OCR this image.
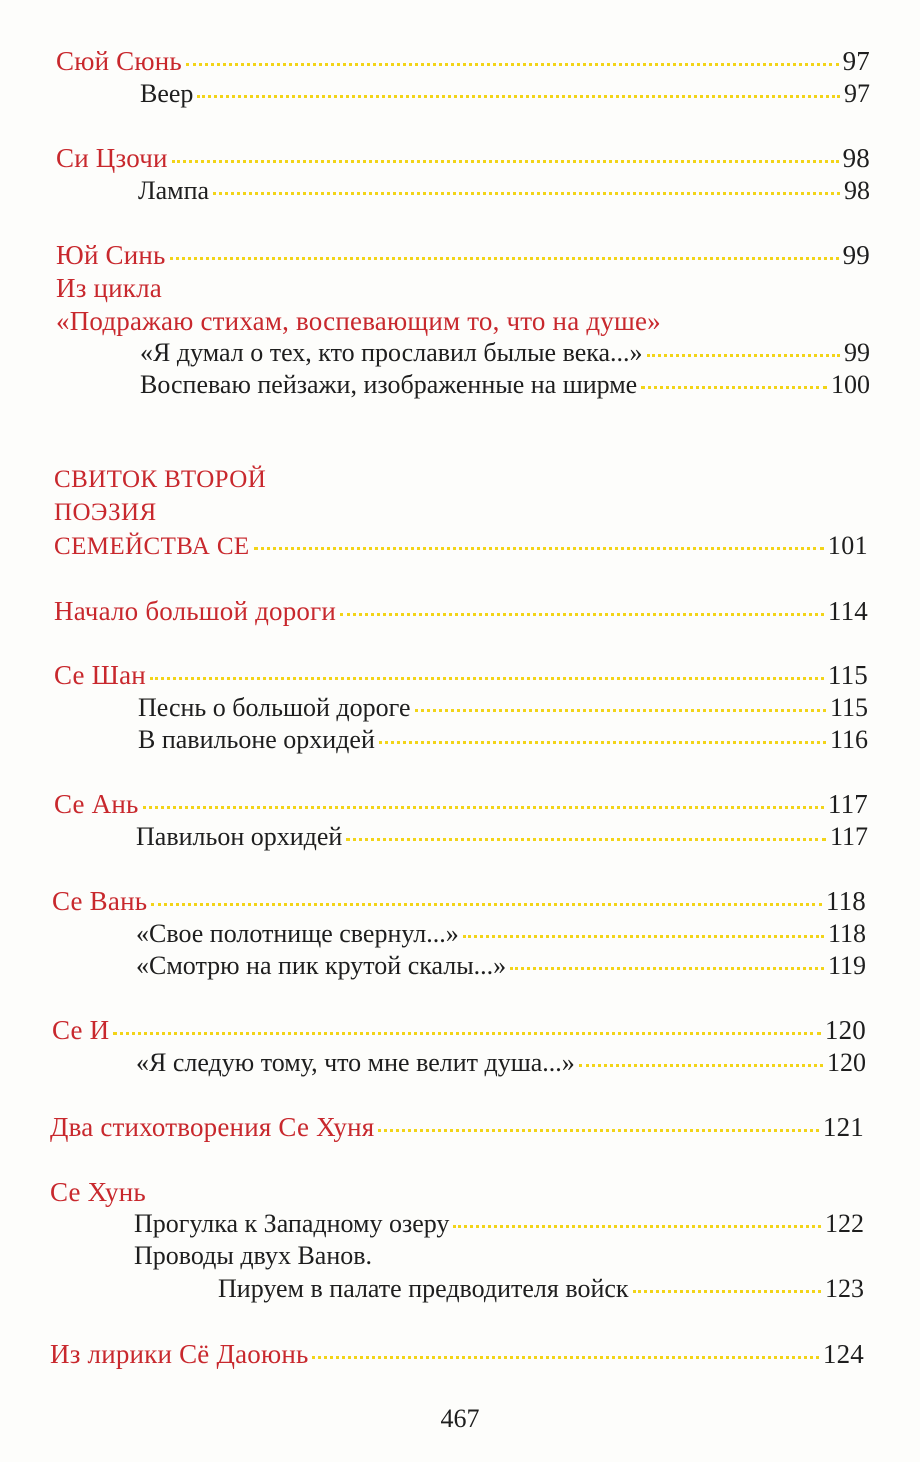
Сюй Сюнь	97
Веер	97
Си Цзочи	98
Лампа	98
Юй Синь	99
Из цикла
«Подражаю стихам, воспевающим то, что на душе»
«Я думал о тех, кто прославил былые века...»	99
Воспеваю пейзажи, изображенные на ширме	100
СВИТОК ВТОРОЙ
ПОЭЗИЯ
СЕМЕЙСТВА СЕ	101
Начало большой дороги	114
Се Шан	115
Песнь о большой дороге	115
В павильоне орхидей	116
Се Ань	117
Павильон орхидей	117
Се Вань	118
«Свое полотнище свернул...»	118
«Смотрю на пик крутой скалы...»	119
Се И	120
«Я следую тому, что мне велит душа...»	120
Два стихотворения Се Хуня	121
Се Хунь
Прогулка к Западному озеру	122
Проводы двух Ванов.
Пируем в палате предводителя войск	123
Из лирики Сё Даоюнь	124
467
